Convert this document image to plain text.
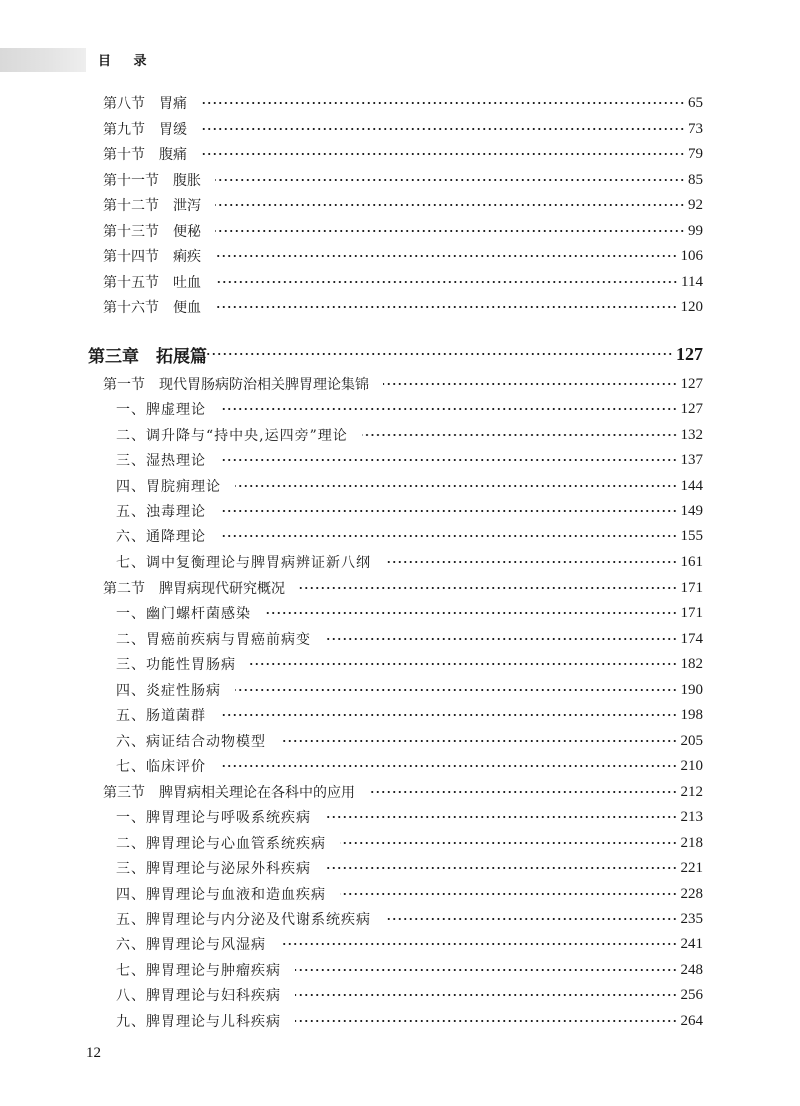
目 录
第八节　胃痛	65
第九节　胃缓	73
第十节　腹痛	79
第十一节　腹胀	85
第十二节　泄泻	92
第十三节　便秘	99
第十四节　痢疾	106
第十五节　吐血	114
第十六节　便血	120
第三章　拓展篇	127
第一节　现代胃肠病防治相关脾胃理论集锦	127
一、脾虚理论	127
二、调升降与“持中央,运四旁”理论	132
三、湿热理论	137
四、胃脘痈理论	144
五、浊毒理论	149
六、通降理论	155
七、调中复衡理论与脾胃病辨证新八纲	161
第二节　脾胃病现代研究概况	171
一、幽门螺杆菌感染	171
二、胃癌前疾病与胃癌前病变	174
三、功能性胃肠病	182
四、炎症性肠病	190
五、肠道菌群	198
六、病证结合动物模型	205
七、临床评价	210
第三节　脾胃病相关理论在各科中的应用	212
一、脾胃理论与呼吸系统疾病	213
二、脾胃理论与心血管系统疾病	218
三、脾胃理论与泌尿外科疾病	221
四、脾胃理论与血液和造血疾病	228
五、脾胃理论与内分泌及代谢系统疾病	235
六、脾胃理论与风湿病	241
七、脾胃理论与肿瘤疾病	248
八、脾胃理论与妇科疾病	256
九、脾胃理论与儿科疾病	264
12
